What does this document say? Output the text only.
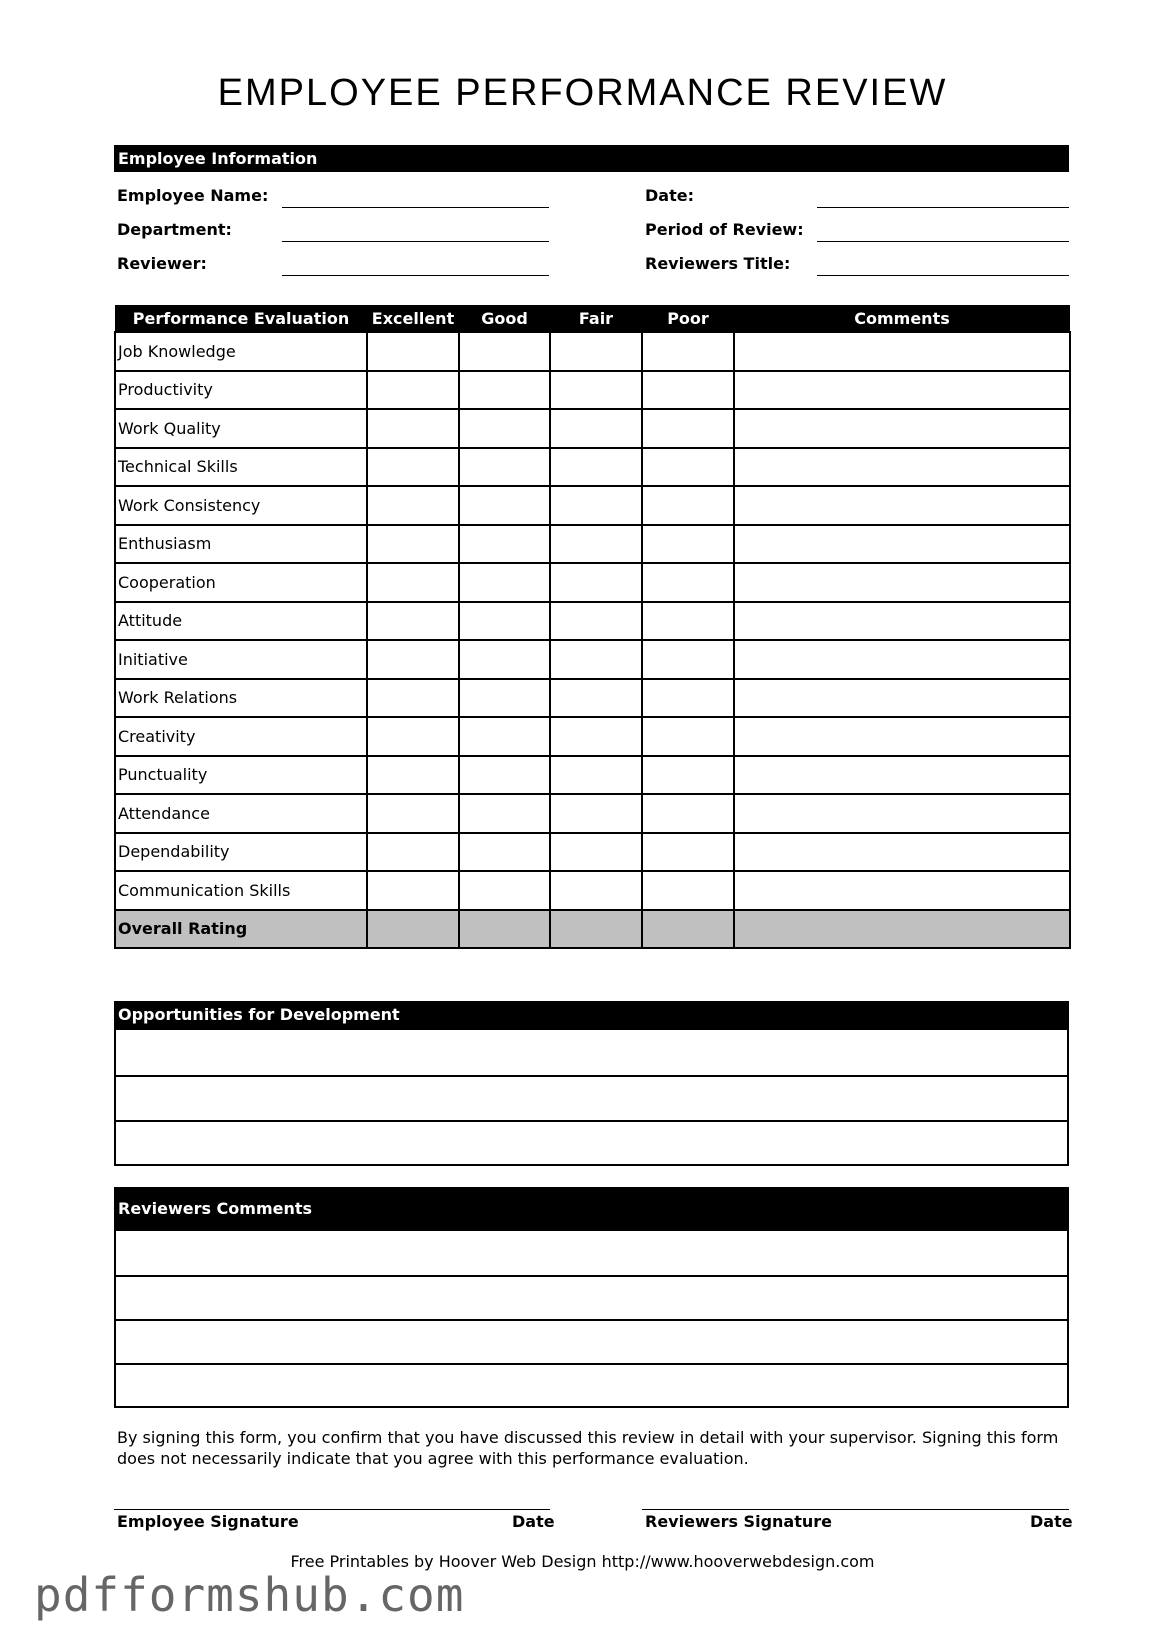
EMPLOYEE PERFORMANCE REVIEW
Employee Information
Employee Name:
Department:
Reviewer:
Date:
Period of Review:
Reviewers Title:
Performance Evaluation	Excellent	Good	Fair	Poor	Comments
Job Knowledge					
Productivity					
Work Quality					
Technical Skills					
Work Consistency					
Enthusiasm					
Cooperation					
Attitude					
Initiative					
Work Relations					
Creativity					
Punctuality					
Attendance					
Dependability					
Communication Skills					
Overall Rating					
Opportunities for Development
Reviewers Comments
By signing this form, you confirm that you have discussed this review in detail with your supervisor. Signing this form does not necessarily indicate that you agree with this performance evaluation.
Employee Signature	Date	Reviewers Signature	Date
Free Printables by Hoover Web Design http://www.hooverwebdesign.com
pdfformshub.com
